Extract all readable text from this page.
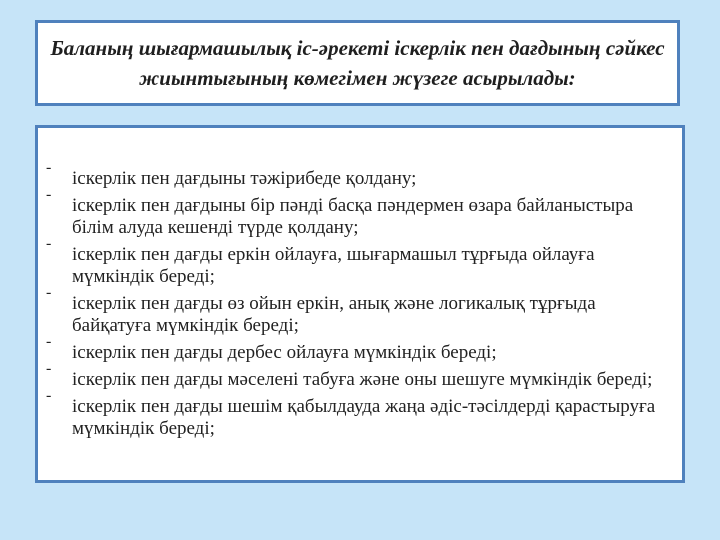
Баланың шығармашылық іс-әрекеті іскерлік пен дағдының сәйкес жиынтығының көмегімен жүзеге асырылады:
-
іскерлік пен дағдыны тәжірибеде қолдану;
-
іскерлік пен дағдыны бір пәнді басқа пәндермен өзара байланыстыра білім алуда кешенді түрде қолдану;
-
іскерлік пен дағды еркін ойлауға, шығармашыл тұрғыда ойлауға мүмкіндік береді;
-
іскерлік пен дағды өз ойын еркін, анық және логикалық тұрғыда байқатуға мүмкіндік береді;
-
іскерлік пен дағды дербес ойлауға мүмкіндік береді;
-
іскерлік пен дағды мәселені табуға және оны шешуге мүмкіндік береді;
-
іскерлік пен дағды шешім қабылдауда жаңа әдіс-тәсілдерді қарастыруға мүмкіндік береді;
